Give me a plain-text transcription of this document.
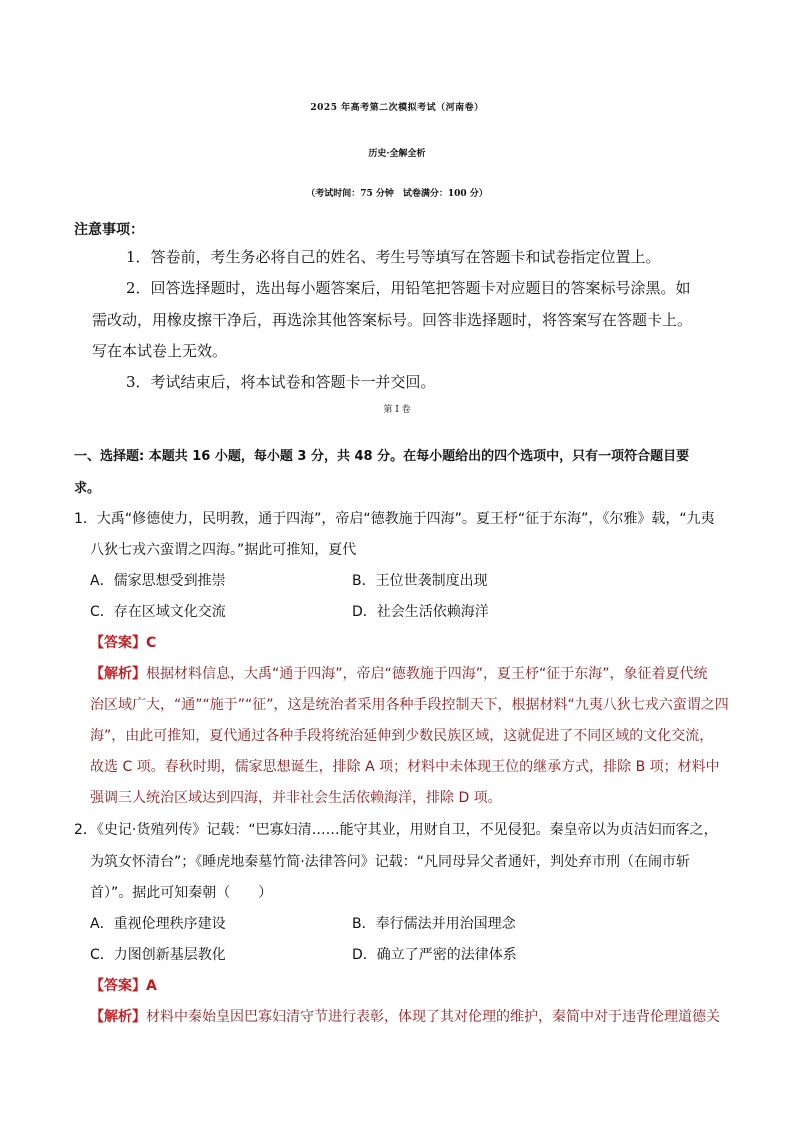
2025 年高考第二次模拟考试（河南卷）
历史·全解全析
（考试时间：75 分钟　试卷满分：100 分）
注意事项：
1．答卷前，考生务必将自己的姓名、考生号等填写在答题卡和试卷指定位置上。
2．回答选择题时，选出每小题答案后，用铅笔把答题卡对应题目的答案标号涂黑。如
需改动，用橡皮擦干净后，再选涂其他答案标号。回答非选择题时，将答案写在答题卡上。
写在本试卷上无效。
3．考试结束后，将本试卷和答题卡一并交回。
第 I 卷
一、选择题: 本题共 16 小题，每小题 3 分，共 48 分。在每小题给出的四个选项中，只有一项符合题目要
求。
1．大禹“修德使力，民明教，通于四海”，帝启“德教施于四海”。夏王杼“征于东海”，《尔雅》载，“九夷
八狄七戎六蛮谓之四海。”据此可推知，夏代
A．儒家思想受到推崇	B．王位世袭制度出现
C．存在区域文化交流	D．社会生活依赖海洋
【答案】C
【解析】根据材料信息，大禹“通于四海”，帝启“德教施于四海”，夏王杼“征于东海”，象征着夏代统
治区域广大，“通”“施于”“征”，这是统治者采用各种手段控制天下，根据材料“九夷八狄七戎六蛮谓之四
海”，由此可推知，夏代通过各种手段将统治延伸到少数民族区域，这就促进了不同区域的文化交流，
故选 C 项。春秋时期，儒家思想诞生，排除 A 项；材料中未体现王位的继承方式，排除 B 项；材料中
强调三人统治区域达到四海，并非社会生活依赖海洋，排除 D 项。
2．《史记·货殖列传》记载：“巴寡妇清……能守其业，用财自卫，不见侵犯。秦皇帝以为贞洁妇而客之，
为筑女怀清台”；《睡虎地秦墓竹简·法律答问》记载：“凡同母异父者通奸，判处弃市刑（在闹市斩
首）”。据此可知秦朝（　　）
A．重视伦理秩序建设	B．奉行儒法并用治国理念
C．力图创新基层教化	D．确立了严密的法律体系
【答案】A
【解析】材料中秦始皇因巴寡妇清守节进行表彰，体现了其对伦理的维护，秦简中对于违背伦理道德关
